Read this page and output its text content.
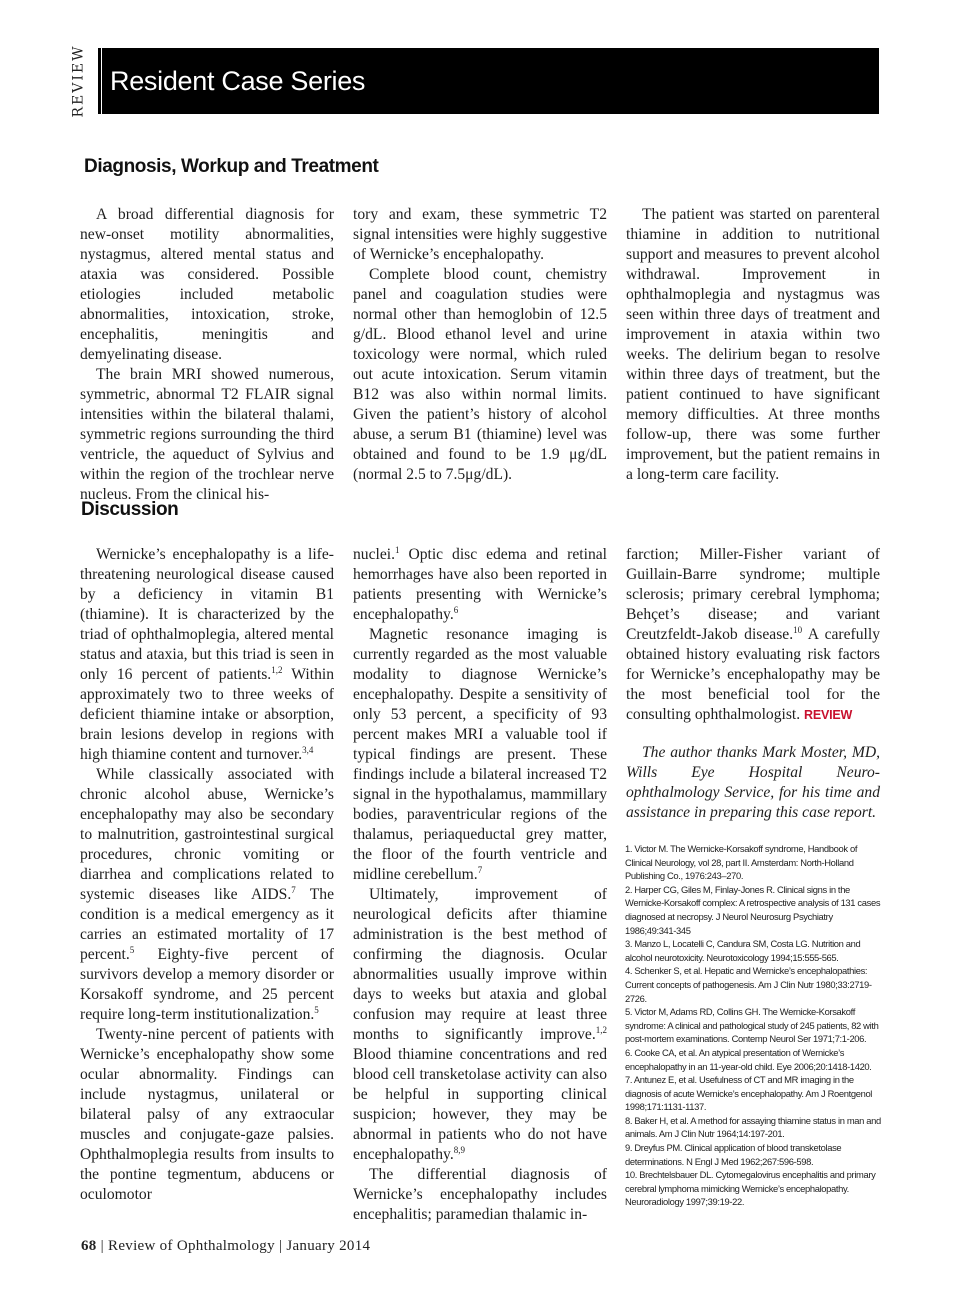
REVIEW Resident Case Series
Diagnosis, Workup and Treatment

A broad differential diagnosis for new-onset motility abnormalities, nystagmus, altered mental status and ataxia was considered. Possible etiologies included metabolic abnormalities, intoxication, stroke, encephalitis, meningitis and demyelinating disease.

The brain MRI showed numerous, symmetric, abnormal T2 FLAIR signal intensities within the bilateral thalami, symmetric regions surrounding the third ventricle, the aqueduct of Sylvius and within the region of the trochlear nerve nucleus. From the clinical his-

tory and exam, these symmetric T2 signal intensities were highly suggestive of Wernicke’s encephalopathy.

Complete blood count, chemistry panel and coagulation studies were normal other than hemoglobin of 12.5 g/dL. Blood ethanol level and urine toxicology were normal, which ruled out acute intoxication. Serum vitamin B12 was also within normal limits. Given the patient’s history of alcohol abuse, a serum B1 (thiamine) level was obtained and found to be 1.9 μg/dL (normal 2.5 to 7.5μg/dL).

The patient was started on parenteral thiamine in addition to nutritional support and measures to prevent alcohol withdrawal. Improvement in ophthalmoplegia and nystagmus was seen within three days of treatment and improvement in ataxia within two weeks. The delirium began to resolve within three days of treatment, but the patient continued to have significant memory difficulties. At three months follow-up, there was some further improvement, but the patient remains in a long-term care facility.

Discussion

Wernicke’s encephalopathy is a life-threatening neurological disease caused by a deficiency in vitamin B1 (thiamine). It is characterized by the triad of ophthalmoplegia, altered mental status and ataxia, but this triad is seen in only 16 percent of patients.$^{1,2}$ Within approximately two to three weeks of deficient thiamine intake or absorption, brain lesions develop in regions with high thiamine content and turnover.$^{3,4}$

While classically associated with chronic alcohol abuse, Wernicke’s encephalopathy may also be secondary to malnutrition, gastrointestinal surgical procedures, chronic vomiting or diarrhea and complications related to systemic diseases like AIDS.$^7$ The condition is a medical emergency as it carries an estimated mortality of 17 percent.$^5$ Eighty-five percent of survivors develop a memory disorder or Korsakoff syndrome, and 25 percent require long-term institutionalization.$^5$

Twenty-nine percent of patients with Wernicke’s encephalopathy show some ocular abnormality. Findings can include nystagmus, unilateral or bilateral palsy of any extraocular muscles and conjugate-gaze palsies. Ophthalmoplegia results from insults to the pontine tegmentum, abducens or oculomotor

nuclei.$^1$ Optic disc edema and retinal hemorrhages have also been reported in patients presenting with Wernicke’s encephalopathy.$^6$

Magnetic resonance imaging is currently regarded as the most valuable modality to diagnose Wernicke’s encephalopathy. Despite a sensitivity of only 53 percent, a specificity of 93 percent makes MRI a valuable tool if typical findings are present. These findings include a bilateral increased T2 signal in the hypothalamus, mammillary bodies, paraventricular regions of the thalamus, periaqueductal grey matter, the floor of the fourth ventricle and midline cerebellum.$^7$

Ultimately, improvement of neurological deficits after thiamine administration is the best method of confirming the diagnosis. Ocular abnormalities usually improve within days to weeks but ataxia and global confusion may require at least three months to significantly improve.$^{1,2}$ Blood thiamine concentrations and red blood cell transketolase activity can also be helpful in supporting clinical suspicion; however, they may be abnormal in patients who do not have encephalopathy.$^{8,9}$

The differential diagnosis of Wernicke’s encephalopathy includes encephalitis; paramedian thalamic in-

farction; Miller-Fisher variant of Guillain-Barre syndrome; multiple sclerosis; primary cerebral lymphoma; Behçet’s disease; and variant Creutzfeldt-Jakob disease.$^{10}$ A carefully obtained history evaluating risk factors for Wernicke’s encephalopathy may be the most beneficial tool for the consulting ophthalmologist. REVIEW

The author thanks Mark Moster, MD, Wills Eye Hospital Neuro-ophthalmology Service, for his time and assistance in preparing this case report.

1. Victor M. The Wernicke-Korsakoff syndrome, Handbook of Clinical Neurology, vol 28, part II. Amsterdam: North-Holland Publishing Co., 1976:243–270.
2. Harper CG, Giles M, Finlay-Jones R. Clinical signs in the Wernicke-Korsakoff complex: A retrospective analysis of 131 cases diagnosed at necropsy. J Neurol Neurosurg Psychiatry 1986;49:341-345
3. Manzo L, Locatelli C, Candura SM, Costa LG. Nutrition and alcohol neurotoxicity. Neurotoxicology 1994;15:555-565.
4. Schenker S, et al. Hepatic and Wernicke’s encephalopathies: Current concepts of pathogenesis. Am J Clin Nutr 1980;33:2719-2726.
5. Victor M, Adams RD, Collins GH. The Wernicke-Korsakoff syndrome: A clinical and pathological study of 245 patients, 82 with post-mortem examinations. Contemp Neurol Ser 1971;7:1-206.
6. Cooke CA, et al. An atypical presentation of Wernicke’s encephalopathy in an 11-year-old child. Eye 2006;20:1418-1420.
7. Antunez E, et al. Usefulness of CT and MR imaging in the diagnosis of acute Wernicke’s encephalopathy. Am J Roentgenol 1998;171:1131-1137.
8. Baker H, et al. A method for assaying thiamine status in man and animals. Am J Clin Nutr 1964;14:197-201.
9. Dreyfus PM. Clinical application of blood transketolase determinations. N Engl J Med 1962;267:596-598.
10. Brechtelsbauer DL. Cytomegalovirus encephalitis and primary cerebral lymphoma mimicking Wernicke’s encephalopathy. Neuroradiology 1997;39:19-22.
68 | Review of Ophthalmology | January 2014
